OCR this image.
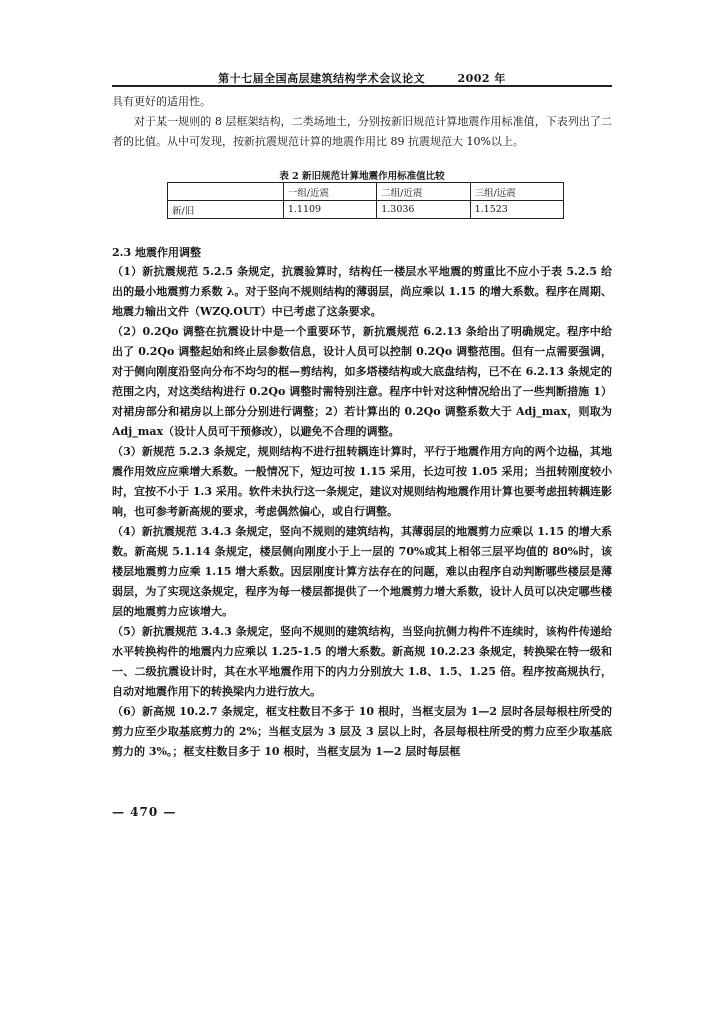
第十七届全国高层建筑结构学术会议论文	2002 年

具有更好的适用性。

对于某一规则的 8 层框架结构，二类场地土，分别按新旧规范计算地震作用标准值，下表列出了二者的比值。从中可发现，按新抗震规范计算的地震作用比 89 抗震规范大 10%以上。

表 2 新旧规范计算地震作用标准值比较
	一组/近震	二组/近震	三组/远震
新/旧	1.1109	1.3036	1.1523
2.3 地震作用调整

（1）新抗震规范 5.2.5 条规定，抗震验算时，结构任一楼层水平地震的剪重比不应小于表 5.2.5 给出的最小地震剪力系数 λ。对于竖向不规则结构的薄弱层，尚应乘以 1.15 的增大系数。程序在周期、地震力输出文件（WZQ.OUT）中已考虑了这条要求。

（2）0.2Qo 调整在抗震设计中是一个重要环节，新抗震规范 6.2.13 条给出了明确规定。程序中给出了 0.2Qo 调整起始和终止层参数信息，设计人员可以控制 0.2Qo 调整范围。但有一点需要强调，对于侧向刚度沿竖向分布不均匀的框—剪结构，如多塔楼结构或大底盘结构，已不在 6.2.13 条规定的范围之内，对这类结构进行 0.2Qo 调整时需特别注意。程序中针对这种情况给出了一些判断措施 1）对裙房部分和裙房以上部分分别进行调整；2）若计算出的 0.2Qo 调整系数大于 Adj_max，则取为 Adj_max（设计人员可干预修改），以避免不合理的调整。

（3）新规范 5.2.3 条规定，规则结构不进行扭转耦连计算时，平行于地震作用方向的两个边榀，其地震作用效应应乘增大系数。一般情况下，短边可按 1.15 采用，长边可按 1.05 采用；当扭转刚度较小时，宜按不小于 1.3 采用。软件未执行这一条规定，建议对规则结构地震作用计算也要考虑扭转耦连影响，也可参考新高规的要求，考虑偶然偏心，或自行调整。

（4）新抗震规范 3.4.3 条规定，竖向不规则的建筑结构，其薄弱层的地震剪力应乘以 1.15 的增大系数。新高规 5.1.14 条规定，楼层侧向刚度小于上一层的 70%或其上相邻三层平均值的 80%时，该楼层地震剪力应乘 1.15 增大系数。因层刚度计算方法存在的问题，难以由程序自动判断哪些楼层是薄弱层，为了实现这条规定，程序为每一楼层都提供了一个地震剪力增大系数，设计人员可以决定哪些楼层的地震剪力应该增大。

（5）新抗震规范 3.4.3 条规定，竖向不规则的建筑结构，当竖向抗侧力构件不连续时，该构件传递给水平转换构件的地震内力应乘以 1.25-1.5 的增大系数。新高规 10.2.23 条规定，转换梁在特一级和一、二级抗震设计时，其在水平地震作用下的内力分别放大 1.8、1.5、1.25 倍。程序按高规执行，自动对地震作用下的转换梁内力进行放大。

（6）新高规 10.2.7 条规定，框支柱数目不多于 10 根时，当框支层为 1—2 层时各层每根柱所受的剪力应至少取基底剪力的 2%；当框支层为 3 层及 3 层以上时，各层每根柱所受的剪力应至少取基底剪力的 3%。；框支柱数目多于 10 根时，当框支层为 1—2 层时每层框

— 470 —
